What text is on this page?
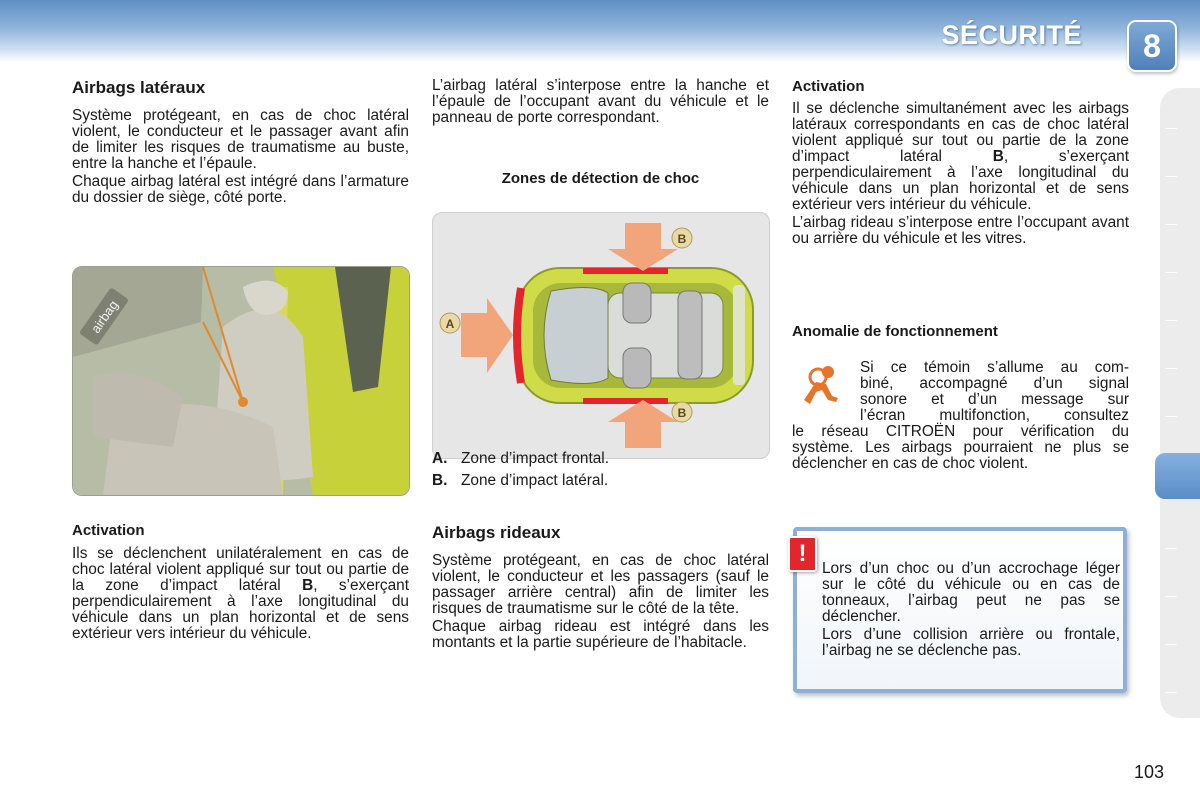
SÉCURITÉ 8
Airbags latéraux

Système protégeant, en cas de choc latéral violent, le conducteur et le passager avant afin de limiter les risques de traumatisme au buste, entre la hanche et l’épaule.

Chaque airbag latéral est intégré dans l’armature du dossier de siège, côté porte.

airbag
Activation

Ils se déclenchent unilatéralement en cas de choc latéral violent appliqué sur tout ou partie de la zone d’impact latéral B, s’exerçant perpendiculairement à l’axe longitudinal du véhicule dans un plan horizontal et de sens extérieur vers intérieur du véhicule.

L’airbag latéral s’interpose entre la hanche et l’épaule de l’occupant avant du véhicule et le panneau de porte correspondant.

Zones de détection de choc
B
B
A
A. Zone d’impact frontal.
B. Zone d’impact latéral.
Airbags rideaux

Système protégeant, en cas de choc latéral violent, le conducteur et les passagers (sauf le passager arrière central) afin de limiter les risques de traumatisme sur le côté de la tête.

Chaque airbag rideau est intégré dans les montants et la partie supérieure de l’habitacle.

Activation

Il se déclenche simultanément avec les airbags latéraux correspondants en cas de choc latéral violent appliqué sur tout ou partie de la zone d’impact latéral B, s’exerçant perpendiculairement à l’axe longitudinal du véhicule dans un plan horizontal et de sens extérieur vers intérieur du véhicule.

L’airbag rideau s’interpose entre l’occupant avant ou arrière du véhicule et les vitres.

Anomalie de fonctionnement
Si ce témoin s’allume au com-
biné, accompagné d’un signal
sonore et d’un message sur
l’écran multifonction, consultez

le réseau CITROËN pour vérification du système. Les airbags pourraient ne plus se déclencher en cas de choc violent.

!

Lors d’un choc ou d’un accrochage léger sur le côté du véhicule ou en cas de tonneaux, l’airbag peut ne pas se déclencher.

Lors d’une collision arrière ou frontale, l’airbag ne se déclenche pas.

103
